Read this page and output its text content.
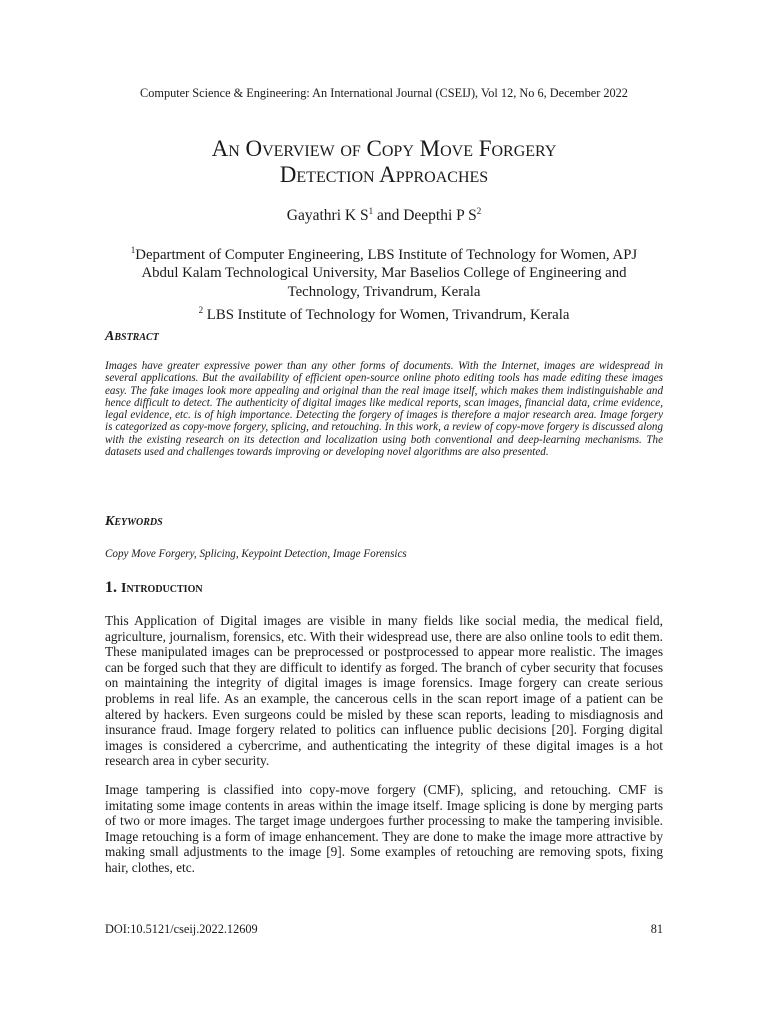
Computer Science & Engineering: An International Journal (CSEIJ), Vol 12, No 6, December 2022
An Overview of Copy Move Forgery
Detection Approaches
Gayathri K $S^1$ and Deepthi P $S^2$
$^1$Department of Computer Engineering, LBS Institute of Technology for Women, APJ
Abdul Kalam Technological University, Mar Baselios College of Engineering and
Technology, Trivandrum, Kerala
$^2$ LBS Institute of Technology for Women, Trivandrum, Kerala
Abstract
Images have greater expressive power than any other forms of documents. With the Internet, images are widespread in several applications. But the availability of efficient open-source online photo editing tools has made editing these images easy. The fake images look more appealing and original than the real image itself, which makes them indistinguishable and hence difficult to detect. The authenticity of digital images like medical reports, scan images, financial data, crime evidence, legal evidence, etc. is of high importance. Detecting the forgery of images is therefore a major research area. Image forgery is categorized as copy-move forgery, splicing, and retouching. In this work, a review of copy-move forgery is discussed along with the existing research on its detection and localization using both conventional and deep-learning mechanisms. The datasets used and challenges towards improving or developing novel algorithms are also presented.
Keywords
Copy Move Forgery, Splicing, Keypoint Detection, Image Forensics
1. Introduction
This Application of Digital images are visible in many fields like social media, the medical field, agriculture, journalism, forensics, etc. With their widespread use, there are also online tools to edit them. These manipulated images can be preprocessed or postprocessed to appear more realistic. The images can be forged such that they are difficult to identify as forged. The branch of cyber security that focuses on maintaining the integrity of digital images is image forensics. Image forgery can create serious problems in real life. As an example, the cancerous cells in the scan report image of a patient can be altered by hackers. Even surgeons could be misled by these scan reports, leading to misdiagnosis and insurance fraud. Image forgery related to politics can influence public decisions [20]. Forging digital images is considered a cybercrime, and authenticating the integrity of these digital images is a hot research area in cyber security.
Image tampering is classified into copy-move forgery (CMF), splicing, and retouching. CMF is imitating some image contents in areas within the image itself. Image splicing is done by merging parts of two or more images. The target image undergoes further processing to make the tampering invisible. Image retouching is a form of image enhancement. They are done to make the image more attractive by making small adjustments to the image [9]. Some examples of retouching are removing spots, fixing hair, clothes, etc.
DOI:10.5121/cseij.2022.12609	81
